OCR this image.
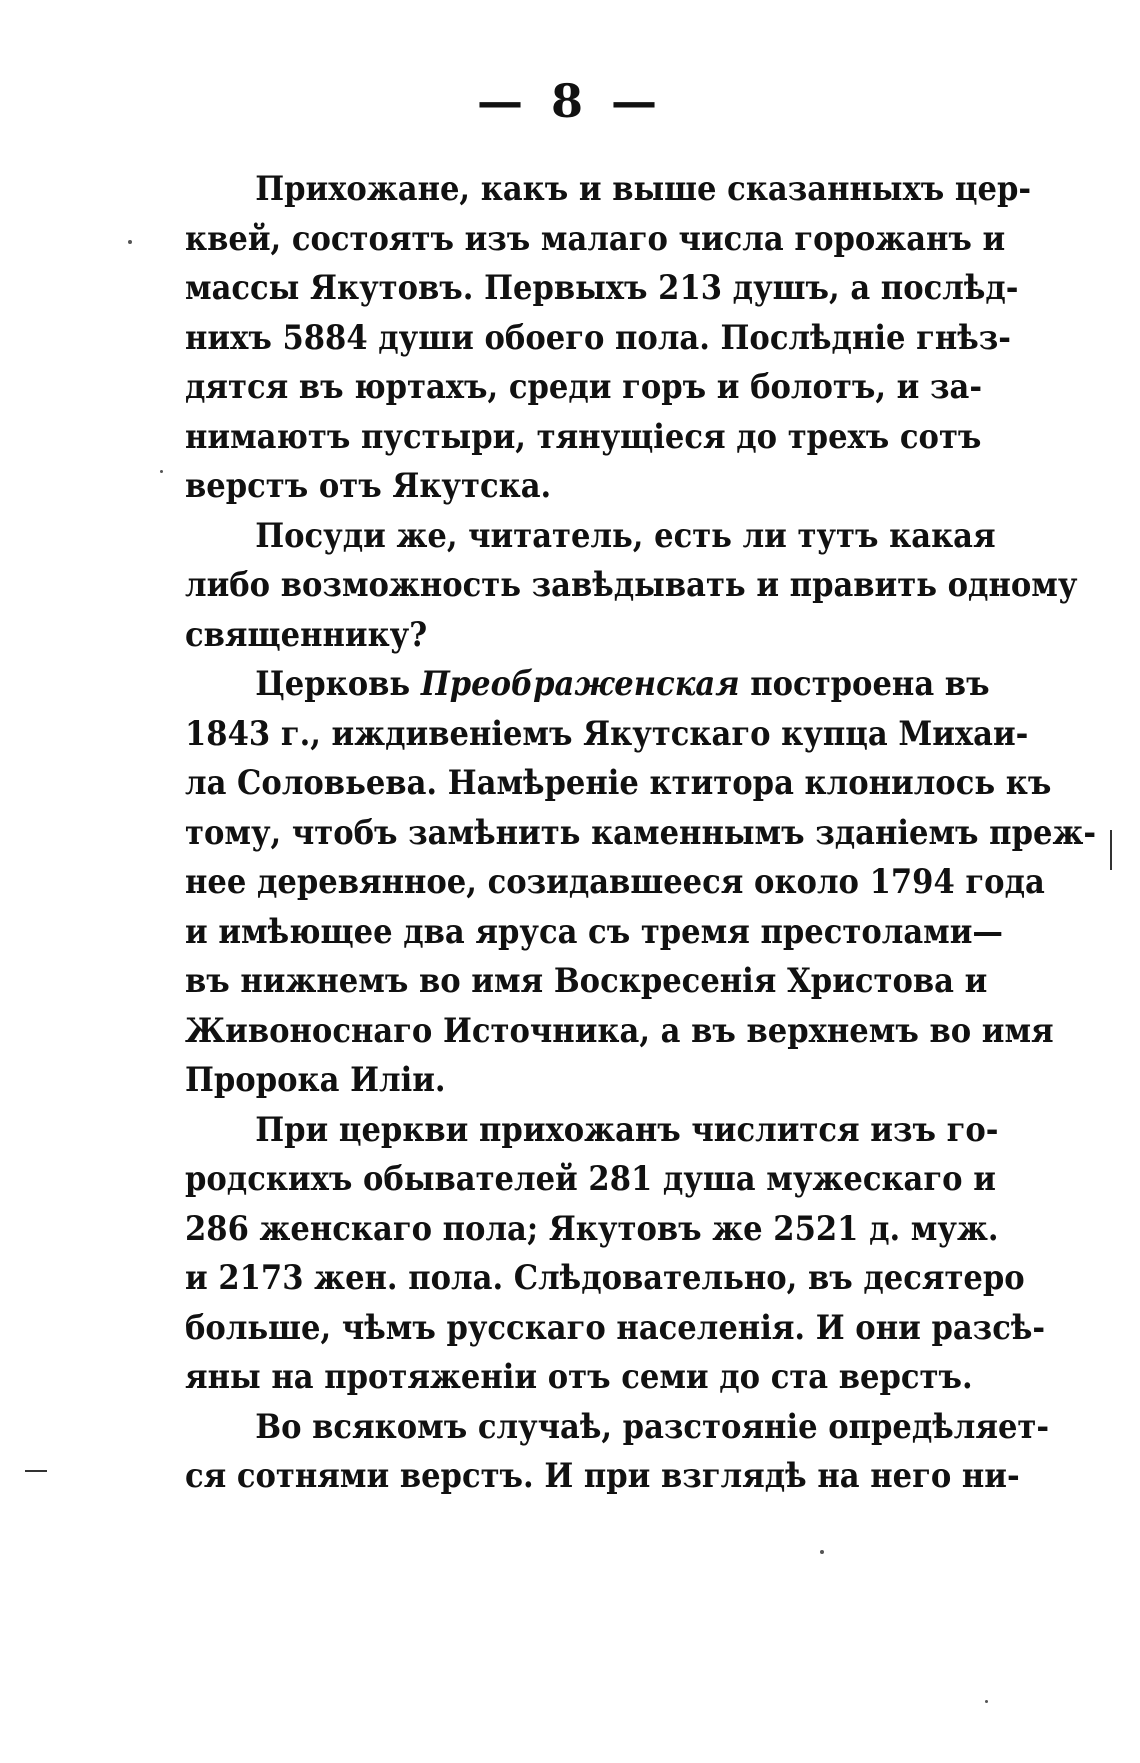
— 8 —
Прихожане, какъ и выше сказанныхъ цер-
квей, состоятъ изъ малаго числа горожанъ и
массы Якутовъ. Первыхъ 213 душъ, а послѣд-
нихъ 5884 души обоего пола. Послѣдніе гнѣз-
дятся въ юртахъ, среди горъ и болотъ, и за-
нимаютъ пустыри, тянущіеся до трехъ сотъ
верстъ отъ Якутска.
Посуди же, читатель, есть ли тутъ какая
либо возможность завѣдывать и править одному
священнику?
Церковь Преображенская построена въ
1843 г., иждивеніемъ Якутскаго купца Михаи-
ла Соловьева. Намѣреніе ктитора клонилось къ
тому, чтобъ замѣнить каменнымъ зданіемъ преж-
нее деревянное, созидавшееся около 1794 года
и имѣющее два яруса съ тремя престолами—
въ нижнемъ во имя Воскресенія Христова и
Живоноснаго Источника, а въ верхнемъ во имя
Пророка Иліи.
При церкви прихожанъ числится изъ го-
родскихъ обывателей 281 душа мужескаго и
286 женскаго пола; Якутовъ же 2521 д. муж.
и 2173 жен. пола. Слѣдовательно, въ десятеро
больше, чѣмъ русскаго населенія. И они разсѣ-
яны на протяженіи отъ семи до ста верстъ.
Во всякомъ случаѣ, разстояніе опредѣляет-
ся сотнями верстъ. И при взглядѣ на него ни-
